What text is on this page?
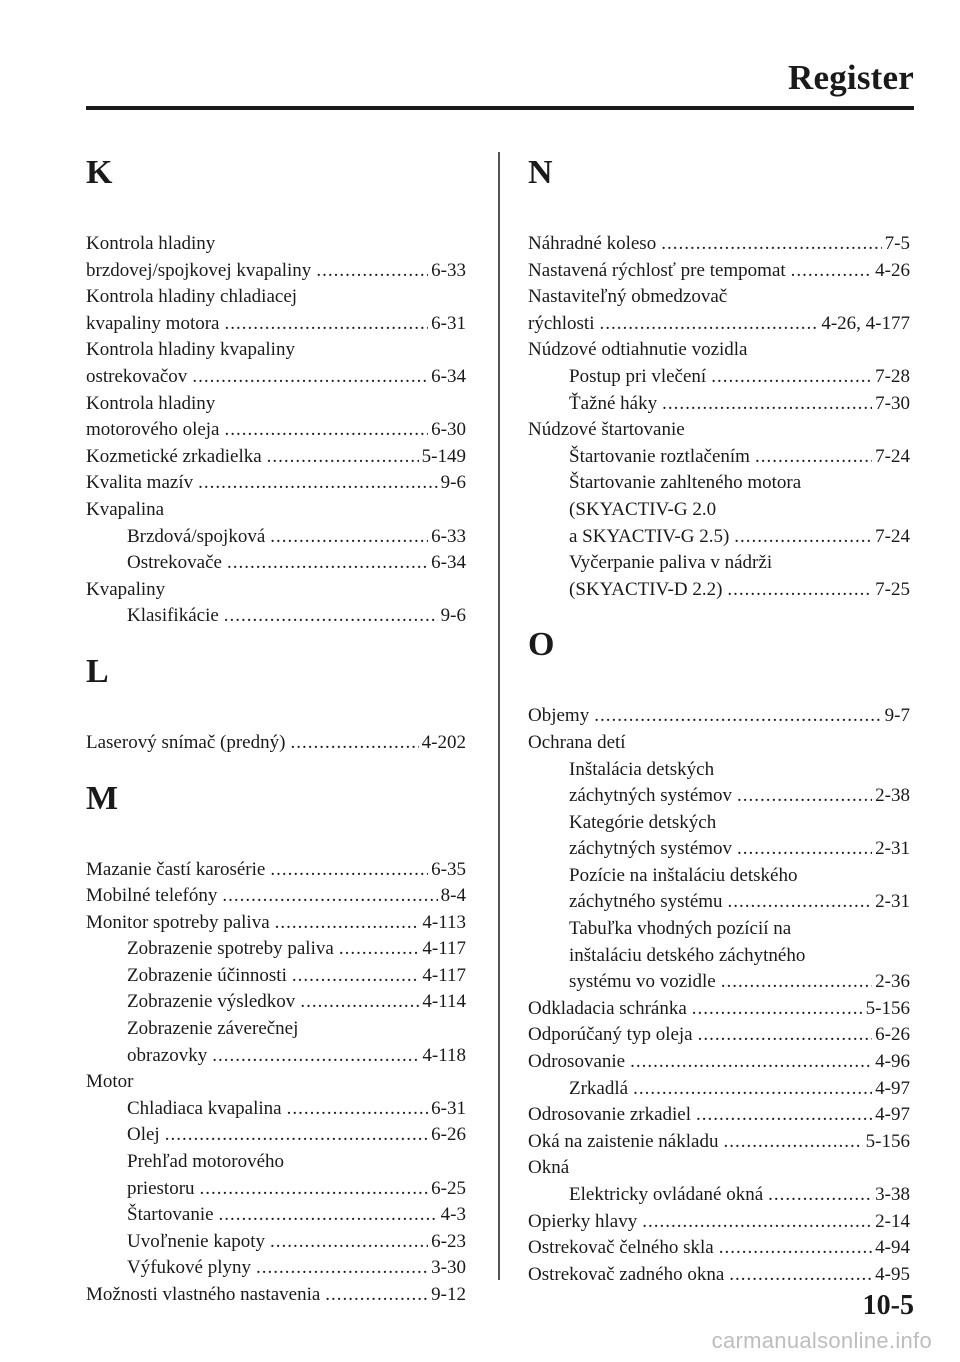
Register
K
Kontrola hladiny
brzdovej/spojkovej kvapaliny .....	6-33
Kontrola hladiny chladiacej
kvapaliny motora .....	6-31
Kontrola hladiny kvapaliny
ostrekovačov .....	6-34
Kontrola hladiny
motorového oleja .....	6-30
Kozmetické zrkadielka .....	5-149
Kvalita mazív .....	9-6
Kvapalina
Brzdová/spojková .....	6-33
Ostrekovače .....	6-34
Kvapaliny
Klasifikácie .....	9-6
L
Laserový snímač (predný) .....	4-202
M
Mazanie častí karosérie .....	6-35
Mobilné telefóny .....	8-4
Monitor spotreby paliva .....	4-113
Zobrazenie spotreby paliva .....	4-117
Zobrazenie účinnosti .....	4-117
Zobrazenie výsledkov .....	4-114
Zobrazenie záverečnej
obrazovky .....	4-118
Motor
Chladiaca kvapalina .....	6-31
Olej .....	6-26
Prehľad motorového
priestoru .....	6-25
Štartovanie .....	4-3
Uvoľnenie kapoty .....	6-23
Výfukové plyny .....	3-30
Možnosti vlastného nastavenia .....	9-12
N
Náhradné koleso .....	7-5
Nastavená rýchlosť pre tempomat .....	4-26
Nastaviteľný obmedzovač
rýchlosti .....	4-26, 4-177
Núdzové odtiahnutie vozidla
Postup pri vlečení .....	7-28
Ťažné háky .....	7-30
Núdzové štartovanie
Štartovanie roztlačením .....	7-24
Štartovanie zahlteného motora
(SKYACTIV-G 2.0
a SKYACTIV-G 2.5) .....	7-24
Vyčerpanie paliva v nádrži
(SKYACTIV-D 2.2) .....	7-25
O
Objemy .....	9-7
Ochrana detí
Inštalácia detských
záchytných systémov .....	2-38
Kategórie detských
záchytných systémov .....	2-31
Pozície na inštaláciu detského
záchytného systému .....	2-31
Tabuľka vhodných pozícií na
inštaláciu detského záchytného
systému vo vozidle .....	2-36
Odkladacia schránka .....	5-156
Odporúčaný typ oleja .....	6-26
Odrosovanie .....	4-96
Zrkadlá .....	4-97
Odrosovanie zrkadiel .....	4-97
Oká na zaistenie nákladu .....	5-156
Okná
Elektricky ovládané okná .....	3-38
Opierky hlavy .....	2-14
Ostrekovač čelného skla .....	4-94
Ostrekovač zadného okna .....	4-95
10-5
carmanualsonline.info
